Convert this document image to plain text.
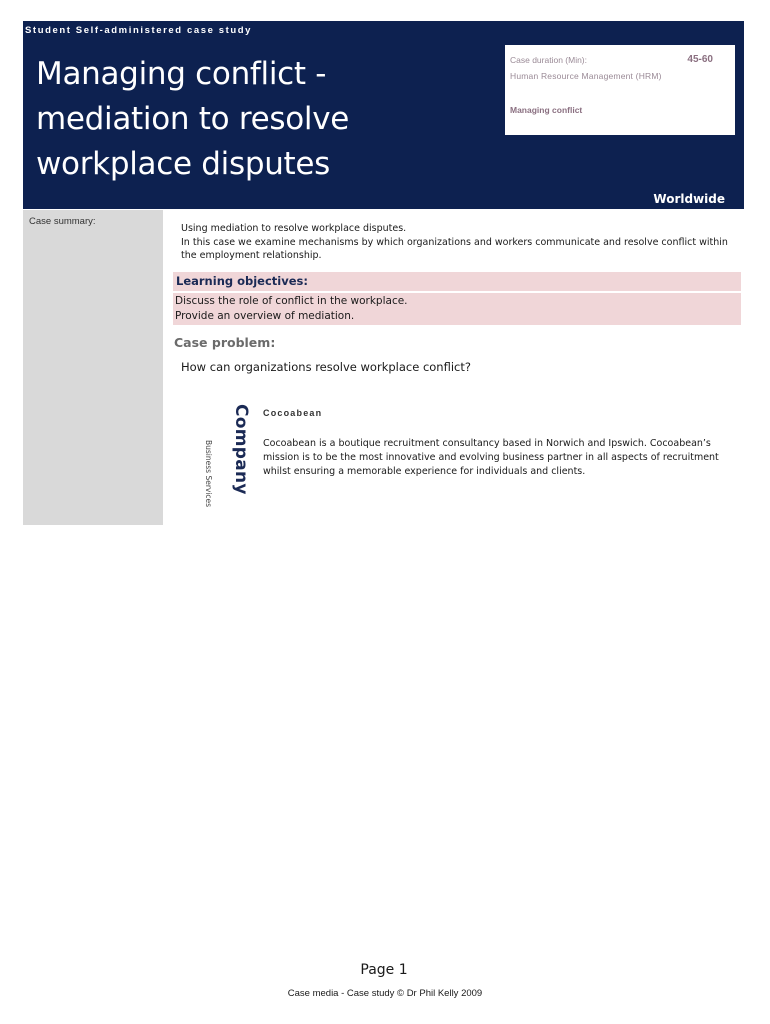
Student Self-administered case study
Managing conflict -
mediation to resolve
workplace disputes
Case duration (Min):	45-60
Human Resource Management (HRM)
Managing conflict
Worldwide
Case summary:
Using mediation to resolve workplace disputes.
In this case we examine mechanisms by which organizations and workers communicate and resolve conflict within the employment relationship.
Learning objectives:
Discuss the role of conflict in the workplace.
Provide an overview of mediation.
Case problem:
How can organizations resolve workplace conflict?
Company
Business Services
Cocoabean
Cocoabean is a boutique recruitment consultancy based in Norwich and Ipswich. Cocoabean’s mission is to be the most innovative and evolving business partner in all aspects of recruitment whilst ensuring a memorable experience for individuals and clients.
Page 1
Case media - Case study © Dr Phil Kelly 2009
